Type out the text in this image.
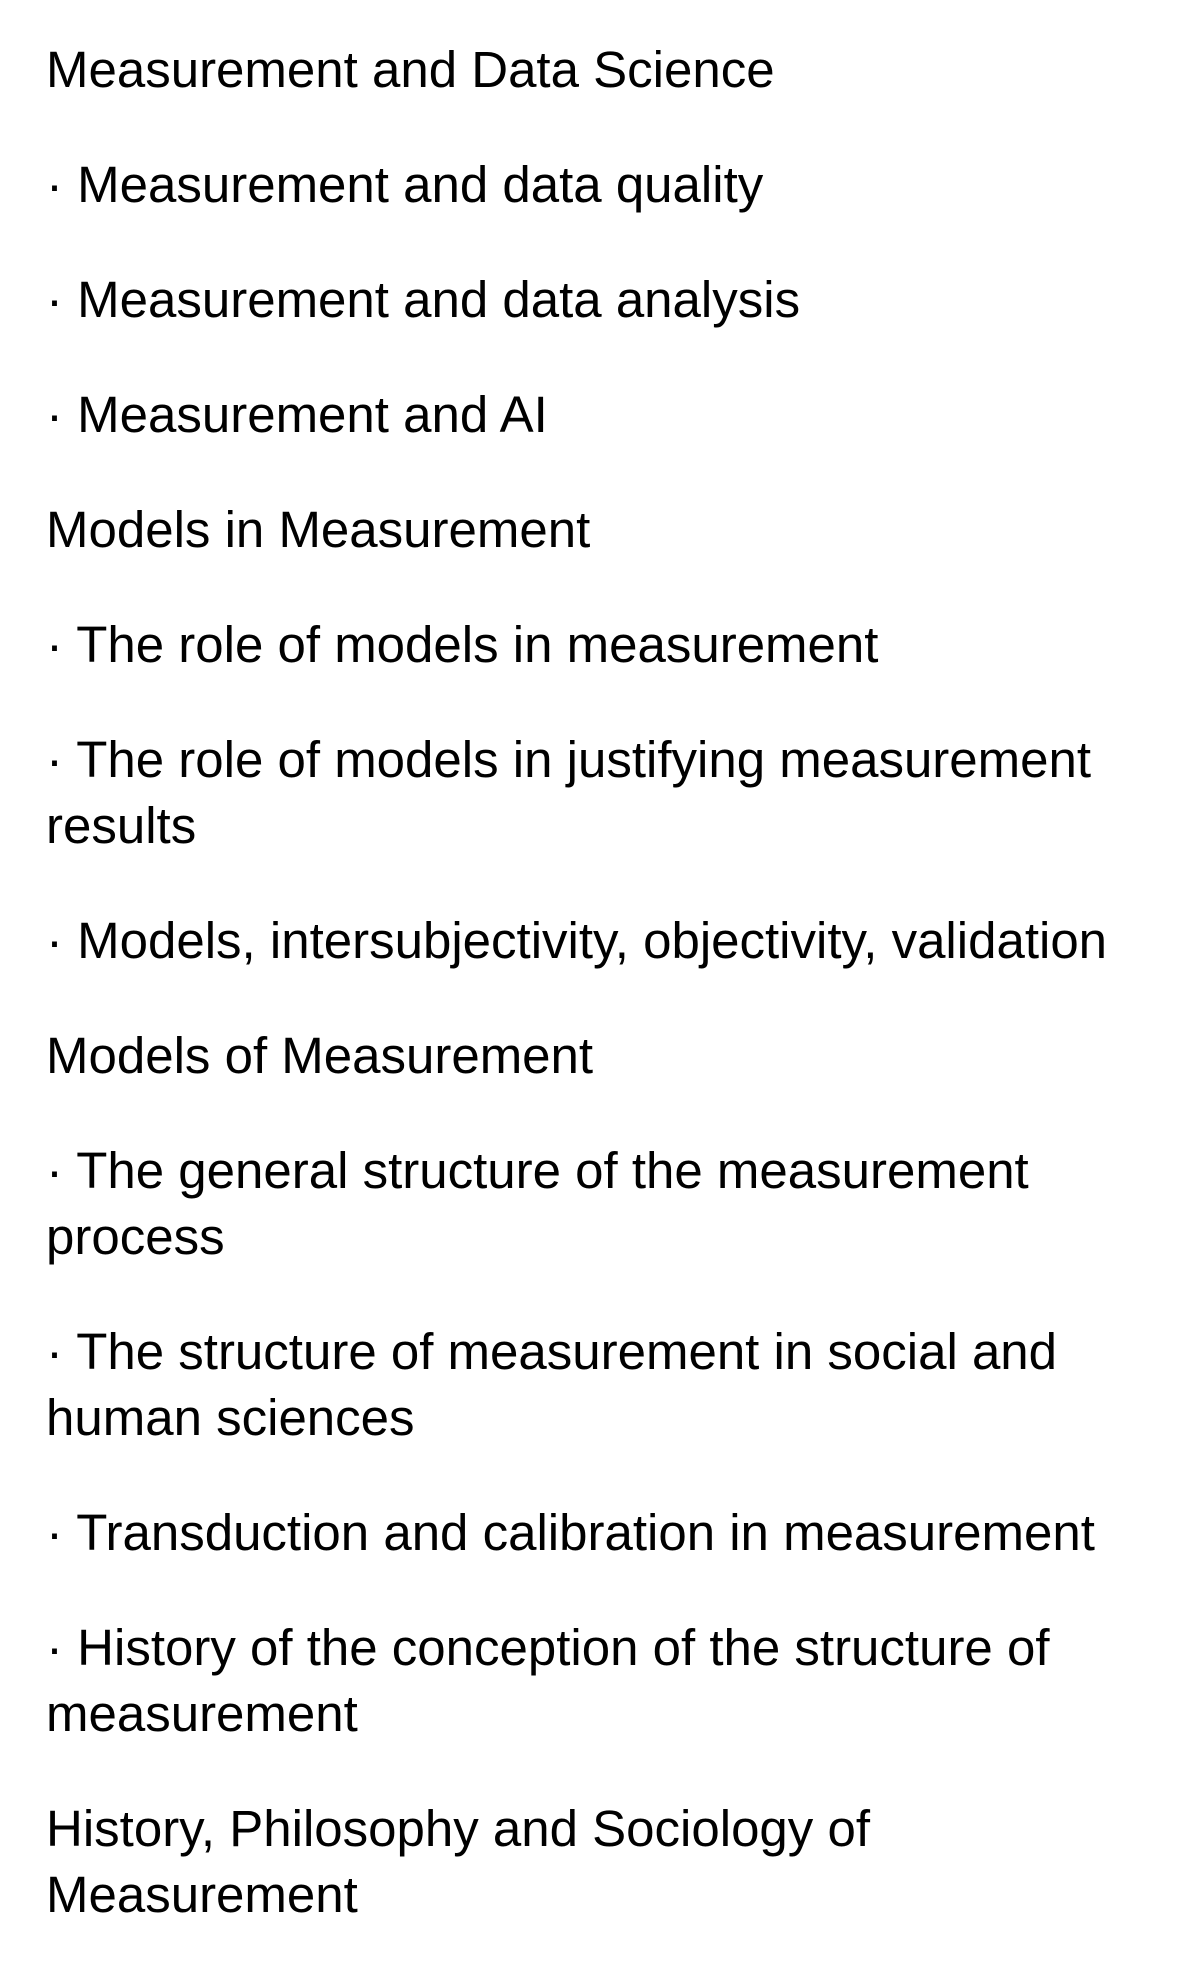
Measurement and Data Science

· Measurement and data quality

· Measurement and data analysis

· Measurement and AI

Models in Measurement

· The role of models in measurement

· The role of models in justifying measurement results

· Models, intersubjectivity, objectivity, validation

Models of Measurement

· The general structure of the measurement process

· The structure of measurement in social and human sciences

· Transduction and calibration in measurement

· History of the conception of the structure of measurement

History, Philosophy and Sociology of Measurement
